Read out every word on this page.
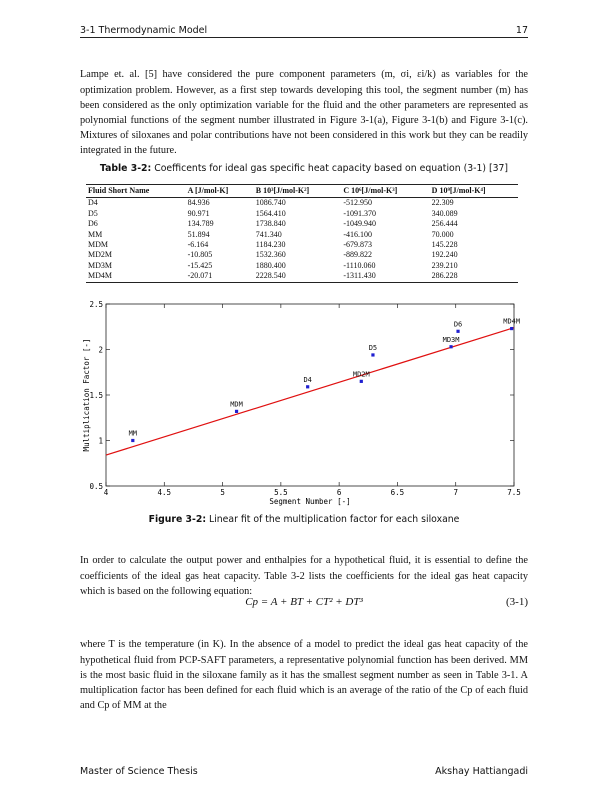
3-1 Thermodynamic Model	17

Lampe et. al. [5] have considered the pure component parameters (m, σi, εi/k) as variables for the optimization problem. However, as a first step towards developing this tool, the segment number (m) has been considered as the only optimization variable for the fluid and the other parameters are represented as polynomial functions of the segment number illustrated in Figure 3-1(a), Figure 3-1(b) and Figure 3-1(c). Mixtures of siloxanes and polar contributions have not been considered in this work but they can be readily integrated in the future.

Table 3-2: Coefficents for ideal gas specific heat capacity based on equation (3-1) [37]
Fluid Short Name	A [J/mol-K]	B 10³[J/mol-K²]	C 10⁶[J/mol-K³]	D 10⁹[J/mol-K⁴]
D4	84.936	1086.740	-512.950	22.309
D5	90.971	1564.410	-1091.370	340.089
D6	134.789	1738.840	-1049.940	256.444
MM	51.894	741.340	-416.100	70.000
MDM	-6.164	1184.230	-679.873	145.228
MD2M	-10.805	1532.360	-889.822	192.240
MD3M	-15.425	1880.400	-1110.060	239.210
MD4M	-20.071	2228.540	-1311.430	286.228
4	4.5	5	5.5	6	6.5	7	7.5
0.5
1
1.5
2
2.5
MM
MDM
D4
MD2M
D5
MD3M
D6	MD4M
Segment Number [-]
Multiplication Factor [-]
Figure 3-2: Linear fit of the multiplication factor for each siloxane

In order to calculate the output power and enthalpies for a hypothetical fluid, it is essential to define the coefficients of the ideal gas heat capacity. Table 3-2 lists the coefficients for the ideal gas heat capacity which is based on the following equation:

Cp = A + BT + CT² + DT³	(3-1)

where T is the temperature (in K). In the absence of a model to predict the ideal gas heat capacity of the hypothetical fluid from PCP-SAFT parameters, a representative polynomial function has been derived. MM is the most basic fluid in the siloxane family as it has the smallest segment number as seen in Table 3-1. A multiplication factor has been defined for each fluid which is an average of the ratio of the Cp of each fluid and Cp of MM at the

Master of Science Thesis	Akshay Hattiangadi
